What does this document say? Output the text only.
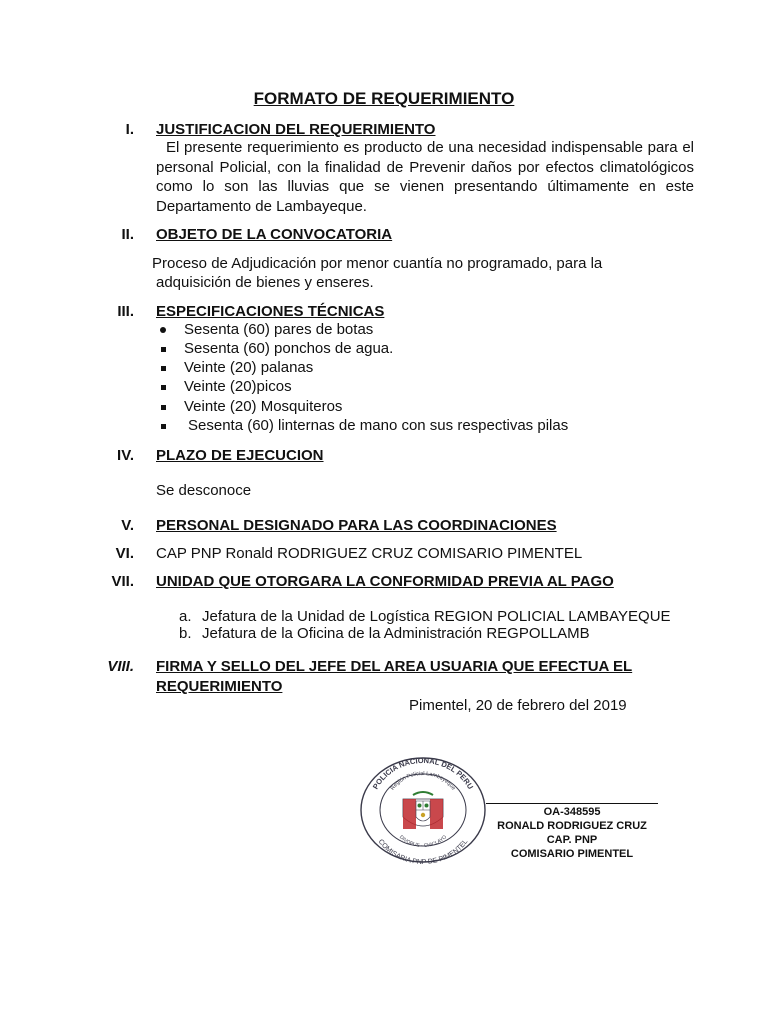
FORMATO DE REQUERIMIENTO
I. JUSTIFICACION DEL REQUERIMIENTO
El presente requerimiento es producto de una necesidad indispensable para el personal Policial, con la finalidad de Prevenir daños por efectos climatológicos como lo son las lluvias que se vienen presentando últimamente en este Departamento de Lambayeque.
II. OBJETO DE LA CONVOCATORIA
Proceso de Adjudicación por menor cuantía no programado, para la
adquisición de bienes y enseres.
III. ESPECIFICACIONES TÉCNICAS
Sesenta (60) pares de botas
Sesenta (60) ponchos de agua.
Veinte (20) palanas
Veinte (20)picos
Veinte (20) Mosquiteros
Sesenta (60) linternas de mano con sus respectivas pilas
IV. PLAZO DE EJECUCION
Se desconoce
V. PERSONAL DESIGNADO PARA LAS COORDINACIONES
VI. CAP PNP Ronald RODRIGUEZ CRUZ COMISARIO PIMENTEL
VII. UNIDAD QUE OTORGARA LA CONFORMIDAD PREVIA AL PAGO
a. Jefatura de la Unidad de Logística REGION POLICIAL LAMBAYEQUE
b. Jefatura de la Oficina de la Administración REGPOLLAMB
VIII. FIRMA Y SELLO DEL JEFE DEL AREA USUARIA QUE EFECTUA EL
REQUERIMIENTO
Pimentel, 20 de febrero del 2019
POLICIA NACIONAL DEL PERU
COMISARIA PNP DE PIMENTEL
Región Policial Lambayeque
DIVOPUS - CHICLAYO
OA-348595
RONALD RODRIGUEZ CRUZ
CAP. PNP
COMISARIO PIMENTEL
